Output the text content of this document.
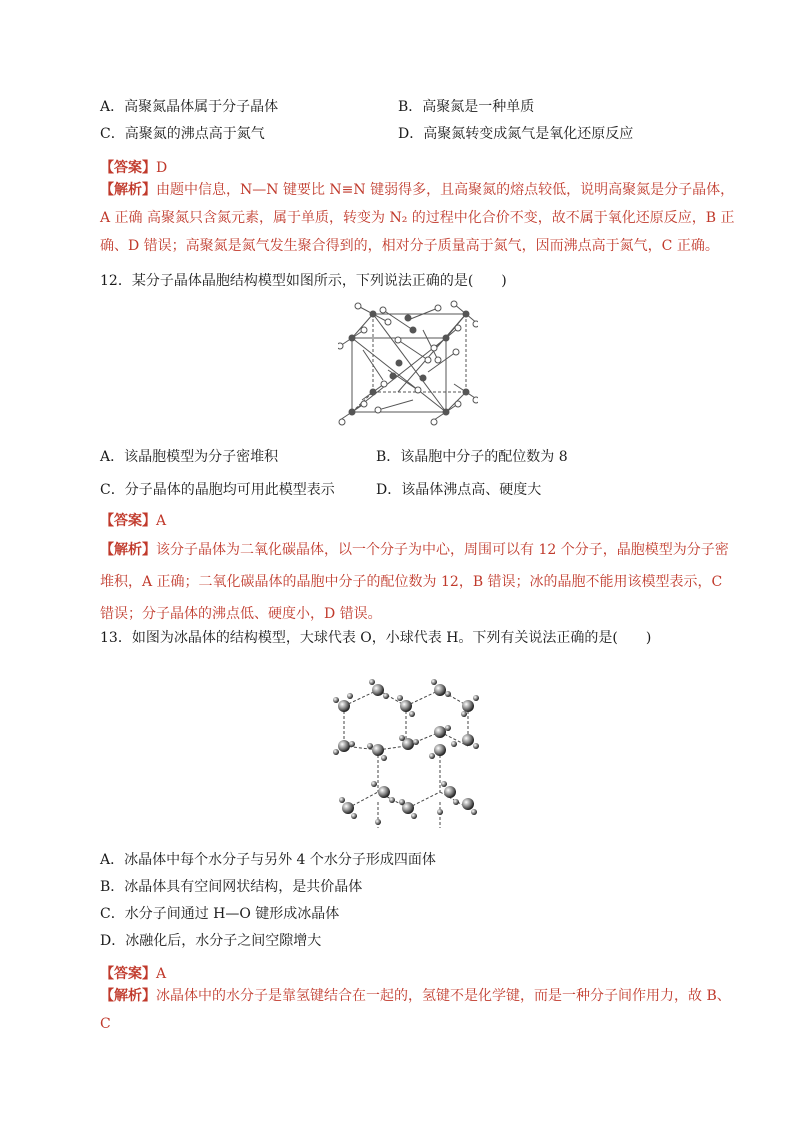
A．高聚氮晶体属于分子晶体	B．高聚氮是一种单质
C．高聚氮的沸点高于氮气	D．高聚氮转变成氮气是氧化还原反应
【答案】D
【解析】由题中信息，N—N 键要比 N≡N 键弱得多，且高聚氮的熔点较低，说明高聚氮是分子晶体，A 正确 高聚氮只含氮元素，属于单质，转变为 N₂ 的过程中化合价不变，故不属于氧化还原反应，B 正确、D 错误；高聚氮是氮气发生聚合得到的，相对分子质量高于氮气，因而沸点高于氮气，C 正确。
12．某分子晶体晶胞结构模型如图所示，下列说法正确的是(　　)
A．该晶胞模型为分子密堆积	B．该晶胞中分子的配位数为 8
C．分子晶体的晶胞均可用此模型表示	D．该晶体沸点高、硬度大
【答案】A
【解析】该分子晶体为二氧化碳晶体，以一个分子为中心，周围可以有 12 个分子，晶胞模型为分子密堆积，A 正确；二氧化碳晶体的晶胞中分子的配位数为 12，B 错误；冰的晶胞不能用该模型表示，C 错误；分子晶体的沸点低、硬度小，D 错误。
13．如图为冰晶体的结构模型，大球代表 O，小球代表 H。下列有关说法正确的是(　　)
A．冰晶体中每个水分子与另外 4 个水分子形成四面体
B．冰晶体具有空间网状结构，是共价晶体
C．水分子间通过 H—O 键形成冰晶体
D．冰融化后，水分子之间空隙增大
【答案】A
【解析】冰晶体中的水分子是靠氢键结合在一起的，氢键不是化学键，而是一种分子间作用力，故 B、C
